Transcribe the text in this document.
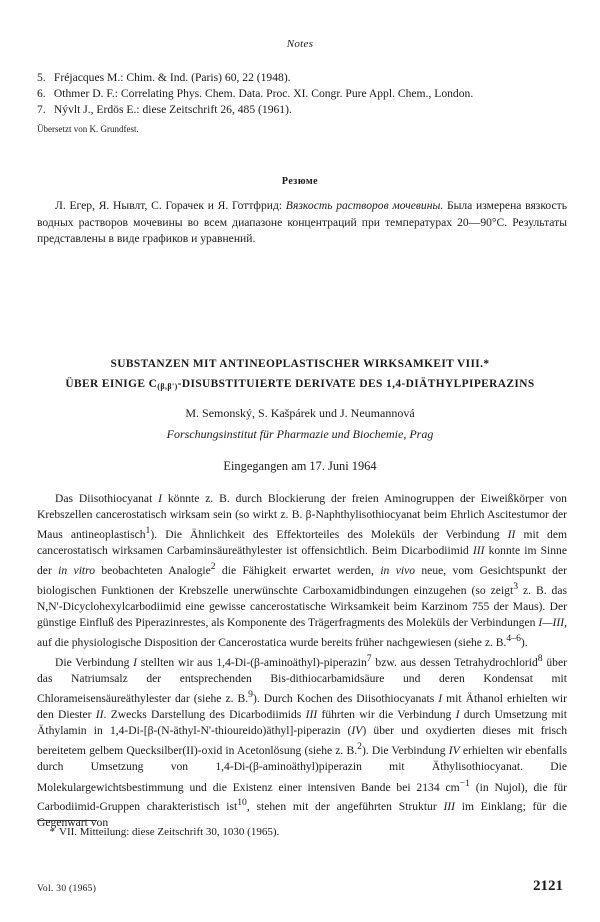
Notes
5. Fréjacques M.: Chim. & Ind. (Paris) 60, 22 (1948).
6. Othmer D. F.: Correlating Phys. Chem. Data. Proc. XI. Congr. Pure Appl. Chem., London.
7. Nývlt J., Erdös E.: diese Zeitschrift 26, 485 (1961).
Übersetzt von K. Grundfest.
Резюме
Л. Егер, Я. Нывлт, С. Горачек и Я. Готтфрид: Вязкость растворов мочевины. Была измерена вязкость водных растворов мочевины во всем диапазоне концентраций при температурах 20—90°C. Результаты представлены в виде графиков и уравнений.
SUBSTANZEN MIT ANTINEOPLASTISCHER WIRKSAMKEIT VIII.*
ÜBER EINIGE $C_{(\beta,\beta')}$-DISUBSTITUIERTE DERIVATE DES 1,4-DIÄTHYLPIPERAZINS
M. Semonský, S. Kašpárek und J. Neumannová
Forschungsinstitut für Pharmazie und Biochemie, Prag
Eingegangen am 17. Juni 1964

Das Diisothiocyanat I könnte z. B. durch Blockierung der freien Aminogruppen der Eiweißkörper von Krebszellen cancerostatisch wirksam sein (so wirkt z. B. β-Naphthylisothiocyanat beim Ehrlich Ascitestumor der Maus antineoplastisch$^1$). Die Ähnlichkeit des Effektorteiles des Moleküls der Verbindung II mit dem cancerostatisch wirksamen Carbaminsäureäthylester ist offensichtlich. Beim Dicarbodiimid III konnte im Sinne der in vitro beobachteten Analogie$^2$ die Fähigkeit erwartet werden, in vivo neue, vom Gesichtspunkt der biologischen Funktionen der Krebszelle unerwünschte Carboxamidbindungen einzugehen (so zeigt$^3$ z. B. das N,N'-Dicyclohexylcarbodiimid eine gewisse cancerostatische Wirksamkeit beim Karzinom 755 der Maus). Der günstige Einfluß des Piperazinrestes, als Komponente des Trägerfragments des Moleküls der Verbindungen I—III, auf die physiologische Disposition der Cancerostatica wurde bereits früher nachgewiesen (siehe z. B.$^{4-6}$).

Die Verbindung I stellten wir aus 1,4-Di-(β-aminoäthyl)-piperazin$^7$ bzw. aus dessen Tetrahydrochlorid$^8$ über das Natriumsalz der entsprechenden Bis-dithiocarbamidsäure und deren Kondensat mit Chlorameisensäureäthylester dar (siehe z. B.$^9$). Durch Kochen des Diisothiocyanats I mit Äthanol erhielten wir den Diester II. Zwecks Darstellung des Dicarbodiimids III führten wir die Verbindung I durch Umsetzung mit Äthylamin in 1,4-Di-[β-(N-äthyl-N'-thioureido)äthyl]-piperazin (IV) über und oxydierten dieses mit frisch bereitetem gelbem Quecksilber(II)-oxid in Acetonlösung (siehe z. B.$^2$). Die Verbindung IV erhielten wir ebenfalls durch Umsetzung von 1,4-Di-(β-aminoäthyl)piperazin mit Äthylisothiocyanat. Die Molekulargewichtsbestimmung und die Existenz einer intensiven Bande bei 2134 $cm^{-1}$ (in Nujol), die für Carbodiimid-Gruppen charakteristisch ist$^{10}$, stehen mit der angeführten Struktur III im Einklang; für die Gegenwart von

* VII. Mitteilung: diese Zeitschrift 30, 1030 (1965).
Vol. 30 (1965)	2121
